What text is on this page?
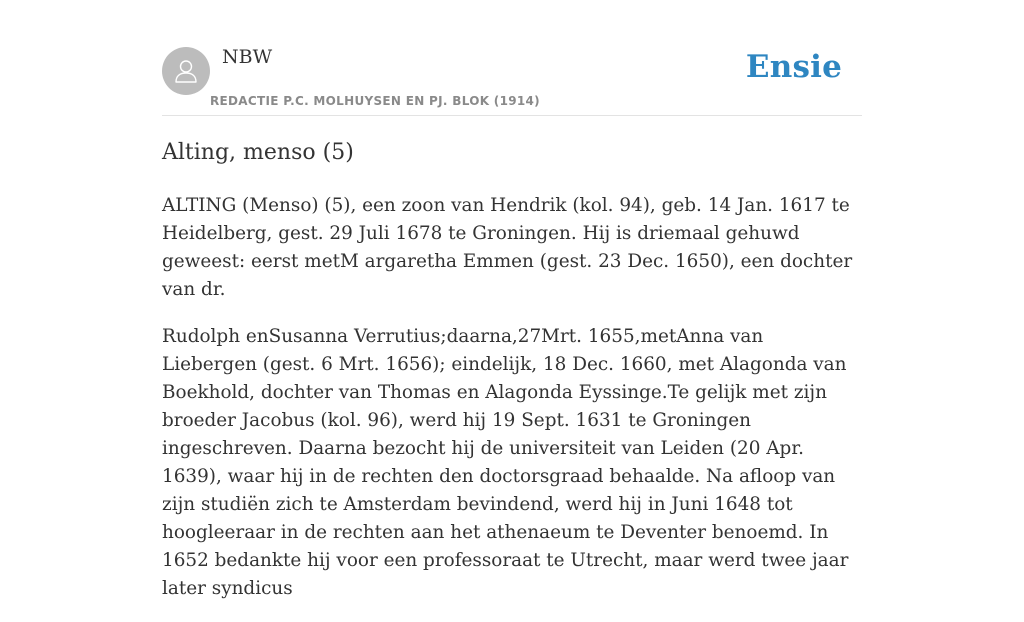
NBW
REDACTIE P.C. MOLHUYSEN EN PJ. BLOK (1914)
Ensie
Alting, menso (5)

ALTING (Menso) (5), een zoon van Hendrik (kol. 94), geb. 14 Jan. 1617 te Heidelberg, gest. 29 Juli 1678 te Groningen. Hij is driemaal gehuwd geweest: eerst metM argaretha Emmen (gest. 23 Dec. 1650), een dochter van dr.

Rudolph enSusanna Verrutius;daarna,27Mrt. 1655,metAnna van Liebergen (gest. 6 Mrt. 1656); eindelijk, 18 Dec. 1660, met Alagonda van Boekhold, dochter van Thomas en Alagonda Eyssinge.Te gelijk met zijn broeder Jacobus (kol. 96), werd hij 19 Sept. 1631 te Groningen ingeschreven. Daarna bezocht hij de universiteit van Leiden (20 Apr. 1639), waar hij in de rechten den doctorsgraad behaalde. Na afloop van zijn studiën zich te Amsterdam bevindend, werd hij in Juni 1648 tot hoogleeraar in de rechten aan het athenaeum te Deventer benoemd. In 1652 bedankte hij voor een professoraat te Utrecht, maar werd twee jaar later syndicus
